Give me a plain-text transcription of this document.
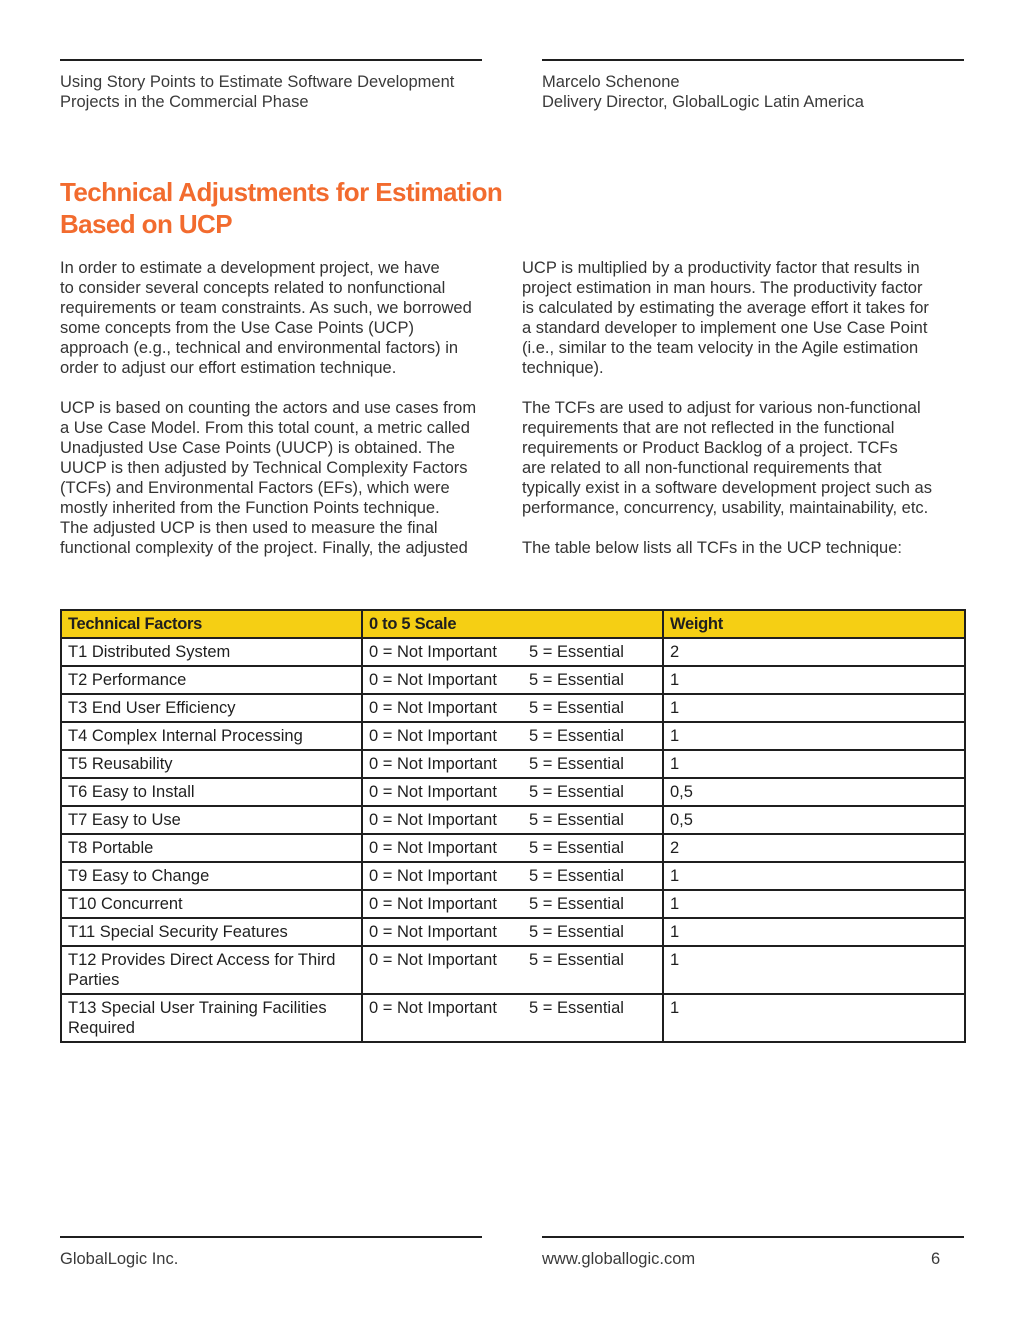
Using Story Points to Estimate Software Development
Projects in the Commercial Phase
Marcelo Schenone
Delivery Director, GlobalLogic Latin America
Technical Adjustments for Estimation
Based on UCP

In order to estimate a development project, we have
to consider several concepts related to nonfunctional
requirements or team constraints. As such, we borrowed
some concepts from the Use Case Points (UCP)
approach (e.g., technical and environmental factors) in
order to adjust our effort estimation technique.

UCP is based on counting the actors and use cases from
a Use Case Model. From this total count, a metric called
Unadjusted Use Case Points (UUCP) is obtained. The
UUCP is then adjusted by Technical Complexity Factors
(TCFs) and Environmental Factors (EFs), which were
mostly inherited from the Function Points technique.
The adjusted UCP is then used to measure the final
functional complexity of the project. Finally, the adjusted

UCP is multiplied by a productivity factor that results in
project estimation in man hours. The productivity factor
is calculated by estimating the average effort it takes for
a standard developer to implement one Use Case Point
(i.e., similar to the team velocity in the Agile estimation
technique).

The TCFs are used to adjust for various non-functional
requirements that are not reflected in the functional
requirements or Product Backlog of a project. TCFs
are related to all non-functional requirements that
typically exist in a software development project such as
performance, concurrency, usability, maintainability, etc.

The table below lists all TCFs in the UCP technique:

Technical Factors	0 to 5 Scale	Weight
T1 Distributed System	0 = Not Important 5 = Essential	2
T2 Performance	0 = Not Important 5 = Essential	1
T3 End User Efficiency	0 = Not Important 5 = Essential	1
T4 Complex Internal Processing	0 = Not Important 5 = Essential	1
T5 Reusability	0 = Not Important 5 = Essential	1
T6 Easy to Install	0 = Not Important 5 = Essential	0,5
T7 Easy to Use	0 = Not Important 5 = Essential	0,5
T8 Portable	0 = Not Important 5 = Essential	2
T9 Easy to Change	0 = Not Important 5 = Essential	1
T10 Concurrent	0 = Not Important 5 = Essential	1
T11 Special Security Features	0 = Not Important 5 = Essential	1
T12 Provides Direct Access for Third Parties	0 = Not Important 5 = Essential	1
T13 Special User Training Facilities Required	0 = Not Important 5 = Essential	1
GlobalLogic Inc.	www.globallogic.com	6
